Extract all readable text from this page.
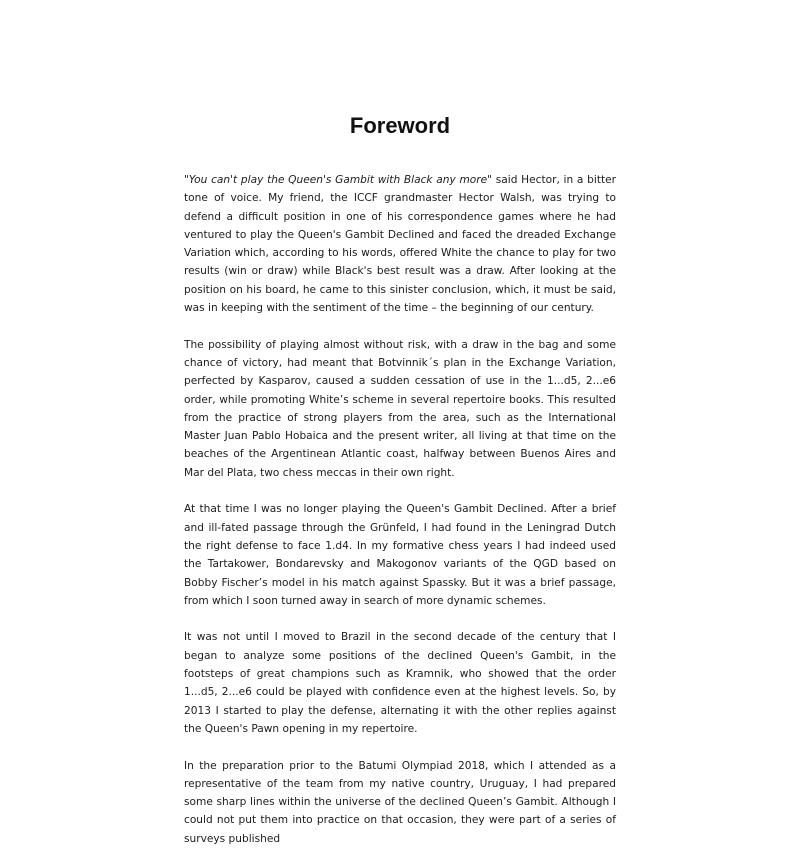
Foreword

"You can't play the Queen's Gambit with Black any more" said Hector, in a bitter tone of voice. My friend, the ICCF grandmaster Hector Walsh, was trying to defend a difficult position in one of his correspondence games where he had ventured to play the Queen's Gambit Declined and faced the dreaded Exchange Variation which, according to his words, offered White the chance to play for two results (win or draw) while Black's best result was a draw. After looking at the position on his board, he came to this sinister conclusion, which, it must be said, was in keeping with the sentiment of the time – the beginning of our century.

The possibility of playing almost without risk, with a draw in the bag and some chance of victory, had meant that Botvinnik´s plan in the Exchange Variation, perfected by Kasparov, caused a sudden cessation of use in the 1...d5, 2...e6 order, while promoting White’s scheme in several repertoire books. This resulted from the practice of strong players from the area, such as the International Master Juan Pablo Hobaica and the present writer, all living at that time on the beaches of the Argentinean Atlantic coast, halfway between Buenos Aires and Mar del Plata, two chess meccas in their own right.

At that time I was no longer playing the Queen's Gambit Declined. After a brief and ill-fated passage through the Grünfeld, I had found in the Leningrad Dutch the right defense to face 1.d4. In my formative chess years I had indeed used the Tartakower, Bondarevsky and Makogonov variants of the QGD based on Bobby Fischer’s model in his match against Spassky. But it was a brief passage, from which I soon turned away in search of more dynamic schemes.

It was not until I moved to Brazil in the second decade of the century that I began to analyze some positions of the declined Queen's Gambit, in the footsteps of great champions such as Kramnik, who showed that the order 1...d5, 2...e6 could be played with confidence even at the highest levels. So, by 2013 I started to play the defense, alternating it with the other replies against the Queen's Pawn opening in my repertoire.

In the preparation prior to the Batumi Olympiad 2018, which I attended as a representative of the team from my native country, Uruguay, I had prepared some sharp lines within the universe of the declined Queen’s Gambit. Although I could not put them into practice on that occasion, they were part of a series of surveys published
